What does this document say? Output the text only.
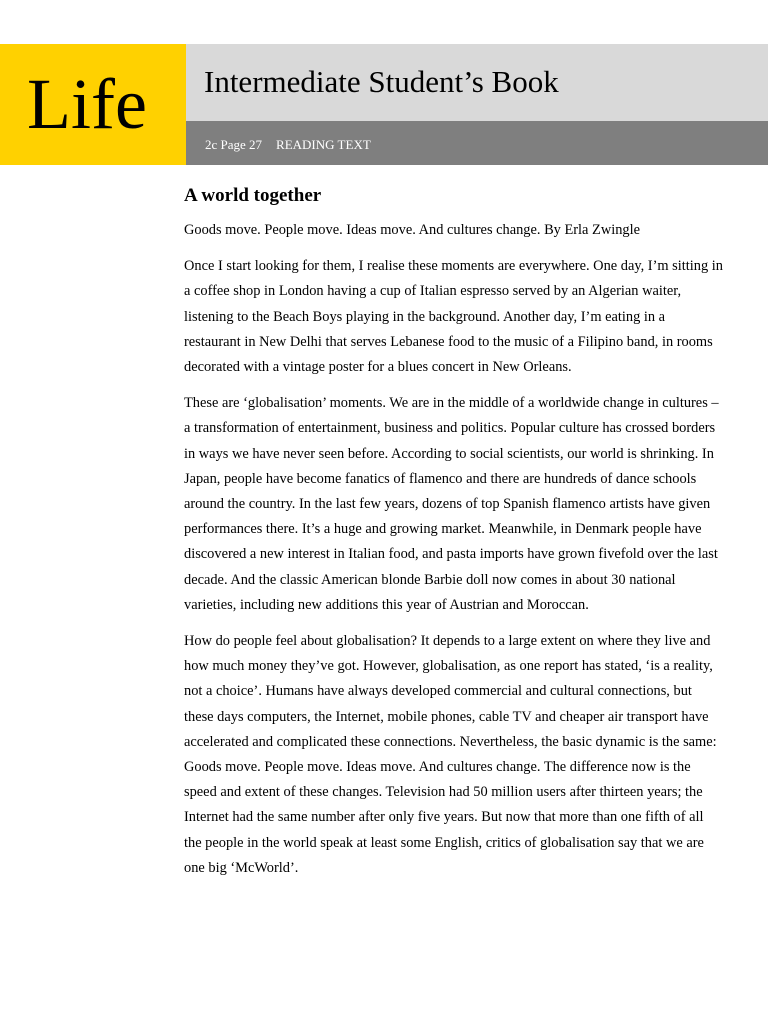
Life Intermediate Student’s Book
2c Page 27 READING TEXT
A world together

Goods move. People move. Ideas move. And cultures change. By Erla Zwingle

Once I start looking for them, I realise these moments are everywhere. One day, I’m sitting in a coffee shop in London having a cup of Italian espresso served by an Algerian waiter, listening to the Beach Boys playing in the background. Another day, I’m eating in a restaurant in New Delhi that serves Lebanese food to the music of a Filipino band, in rooms decorated with a vintage poster for a blues concert in New Orleans.

These are ‘globalisation’ moments. We are in the middle of a worldwide change in cultures – a transformation of entertainment, business and politics. Popular culture has crossed borders in ways we have never seen before. According to social scientists, our world is shrinking. In Japan, people have become fanatics of flamenco and there are hundreds of dance schools around the country. In the last few years, dozens of top Spanish flamenco artists have given performances there. It’s a huge and growing market. Meanwhile, in Denmark people have discovered a new interest in Italian food, and pasta imports have grown fivefold over the last decade. And the classic American blonde Barbie doll now comes in about 30 national varieties, including new additions this year of Austrian and Moroccan.

How do people feel about globalisation? It depends to a large extent on where they live and how much money they’ve got. However, globalisation, as one report has stated, ‘is a reality, not a choice’. Humans have always developed commercial and cultural connections, but these days computers, the Internet, mobile phones, cable TV and cheaper air transport have accelerated and complicated these connections. Nevertheless, the basic dynamic is the same: Goods move. People move. Ideas move. And cultures change. The difference now is the speed and extent of these changes. Television had 50 million users after thirteen years; the Internet had the same number after only five years. But now that more than one fifth of all the people in the world speak at least some English, critics of globalisation say that we are one big ‘McWorld’.
